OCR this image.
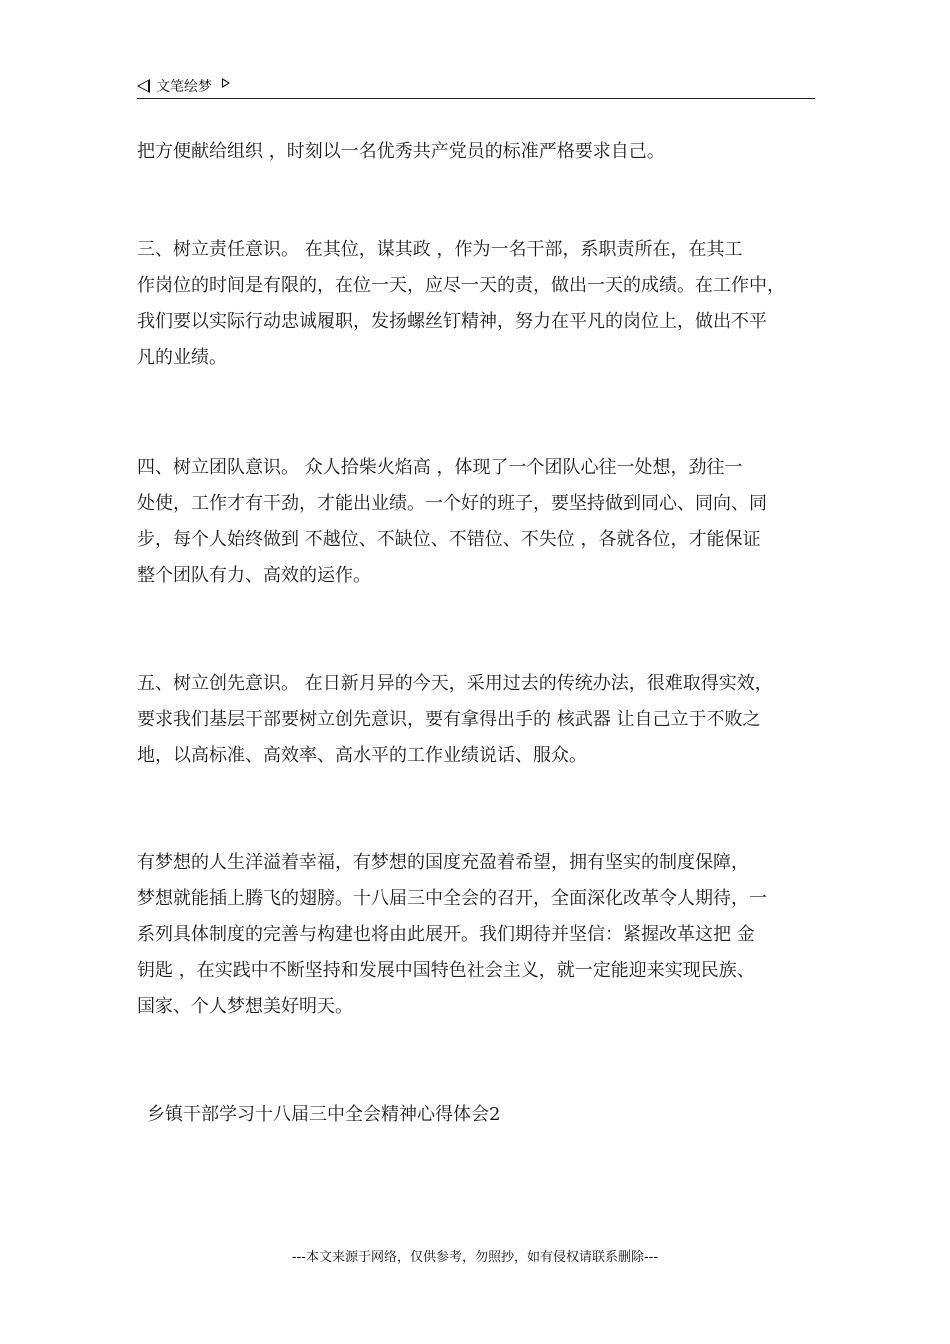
文笔绘梦
把方便献给组织 ，时刻以一名优秀共产党员的标准严格要求自己。
三、树立责任意识。 在其位，谋其政 ，作为一名干部，系职责所在，在其工
作岗位的时间是有限的，在位一天，应尽一天的责，做出一天的成绩。在工作中，
我们要以实际行动忠诚履职，发扬螺丝钉精神，努力在平凡的岗位上，做出不平
凡的业绩。
四、树立团队意识。 众人拾柴火焰高 ，体现了一个团队心往一处想，劲往一
处使，工作才有干劲，才能出业绩。一个好的班子，要坚持做到同心、同向、同
步，每个人始终做到 不越位、不缺位、不错位、不失位 ，各就各位，才能保证
整个团队有力、高效的运作。
五、树立创先意识。 在日新月异的今天，采用过去的传统办法，很难取得实效，
要求我们基层干部要树立创先意识，要有拿得出手的 核武器 让自己立于不败之
地，以高标准、高效率、高水平的工作业绩说话、服众。
有梦想的人生洋溢着幸福，有梦想的国度充盈着希望，拥有坚实的制度保障，
梦想就能插上腾飞的翅膀。十八届三中全会的召开，全面深化改革令人期待，一
系列具体制度的完善与构建也将由此展开。我们期待并坚信：紧握改革这把 金
钥匙 ，在实践中不断坚持和发展中国特色社会主义，就一定能迎来实现民族、
国家、个人梦想美好明天。
乡镇干部学习十八届三中全会精神心得体会2
---本文来源于网络，仅供参考，勿照抄，如有侵权请联系删除---
